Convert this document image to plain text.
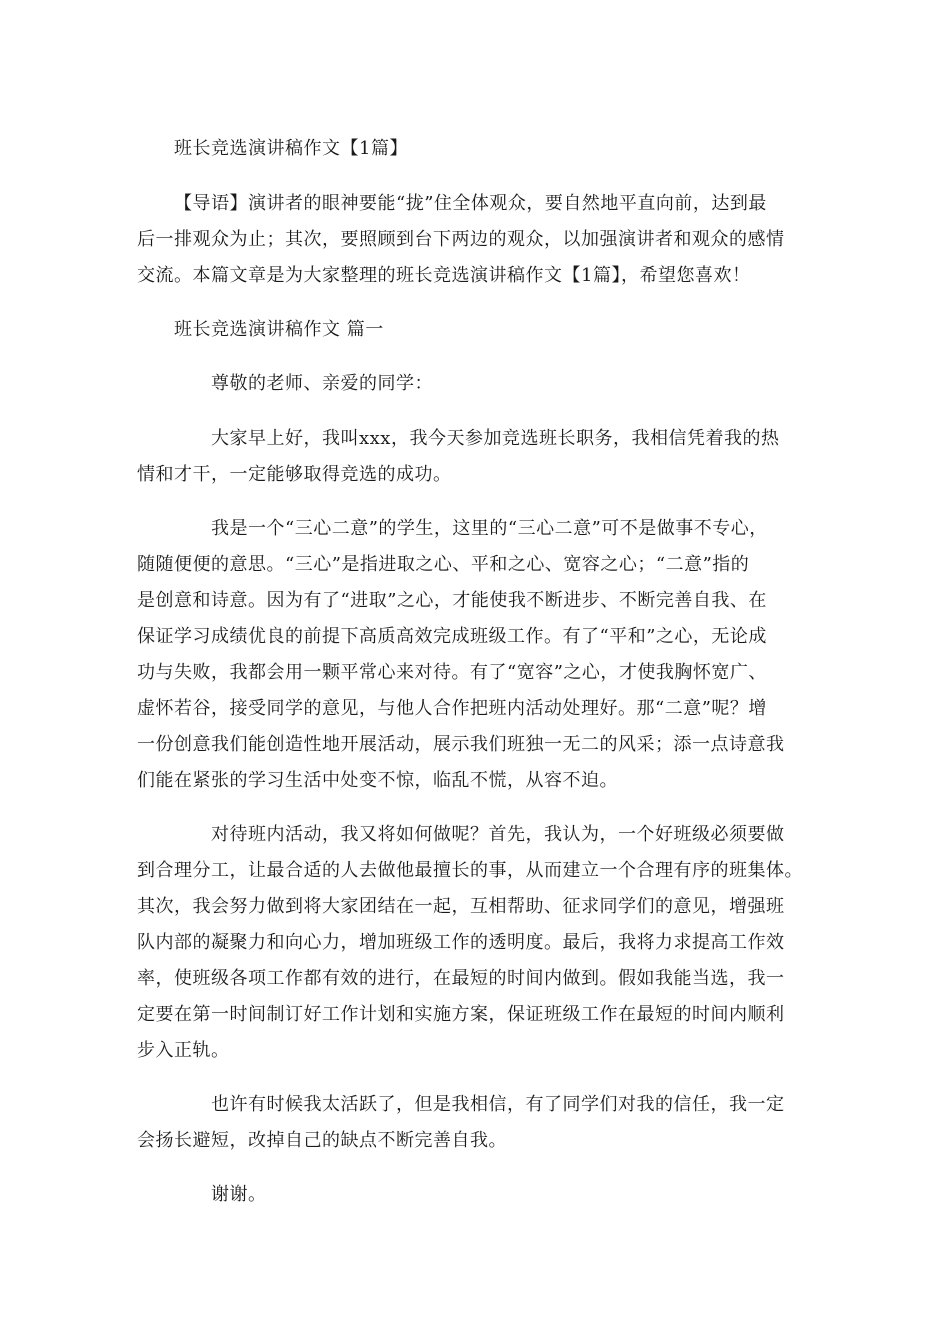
班长竞选演讲稿作文【1篇】
【导语】演讲者的眼神要能“拢”住全体观众，要自然地平直向前，达到最
后一排观众为止；其次，要照顾到台下两边的观众，以加强演讲者和观众的感情
交流。本篇文章是为大家整理的班长竞选演讲稿作文【1篇】，希望您喜欢！
班长竞选演讲稿作文 篇一
尊敬的老师、亲爱的同学：
大家早上好，我叫xxx，我今天参加竞选班长职务，我相信凭着我的热
情和才干，一定能够取得竞选的成功。
我是一个“三心二意”的学生，这里的“三心二意”可不是做事不专心，
随随便便的意思。“三心”是指进取之心、平和之心、宽容之心；“二意”指的
是创意和诗意。因为有了“进取”之心，才能使我不断进步、不断完善自我、在
保证学习成绩优良的前提下高质高效完成班级工作。有了“平和”之心，无论成
功与失败，我都会用一颗平常心来对待。有了“宽容”之心，才使我胸怀宽广、
虚怀若谷，接受同学的意见，与他人合作把班内活动处理好。那“二意”呢？增
一份创意我们能创造性地开展活动，展示我们班独一无二的风采；添一点诗意我
们能在紧张的学习生活中处变不惊，临乱不慌，从容不迫。
对待班内活动，我又将如何做呢？首先，我认为，一个好班级必须要做
到合理分工，让最合适的人去做他最擅长的事，从而建立一个合理有序的班集体。
其次，我会努力做到将大家团结在一起，互相帮助、征求同学们的意见，增强班
队内部的凝聚力和向心力，增加班级工作的透明度。最后，我将力求提高工作效
率，使班级各项工作都有效的进行，在最短的时间内做到。假如我能当选，我一
定要在第一时间制订好工作计划和实施方案，保证班级工作在最短的时间内顺利
步入正轨。
也许有时候我太活跃了，但是我相信，有了同学们对我的信任，我一定
会扬长避短，改掉自己的缺点不断完善自我。
谢谢。
